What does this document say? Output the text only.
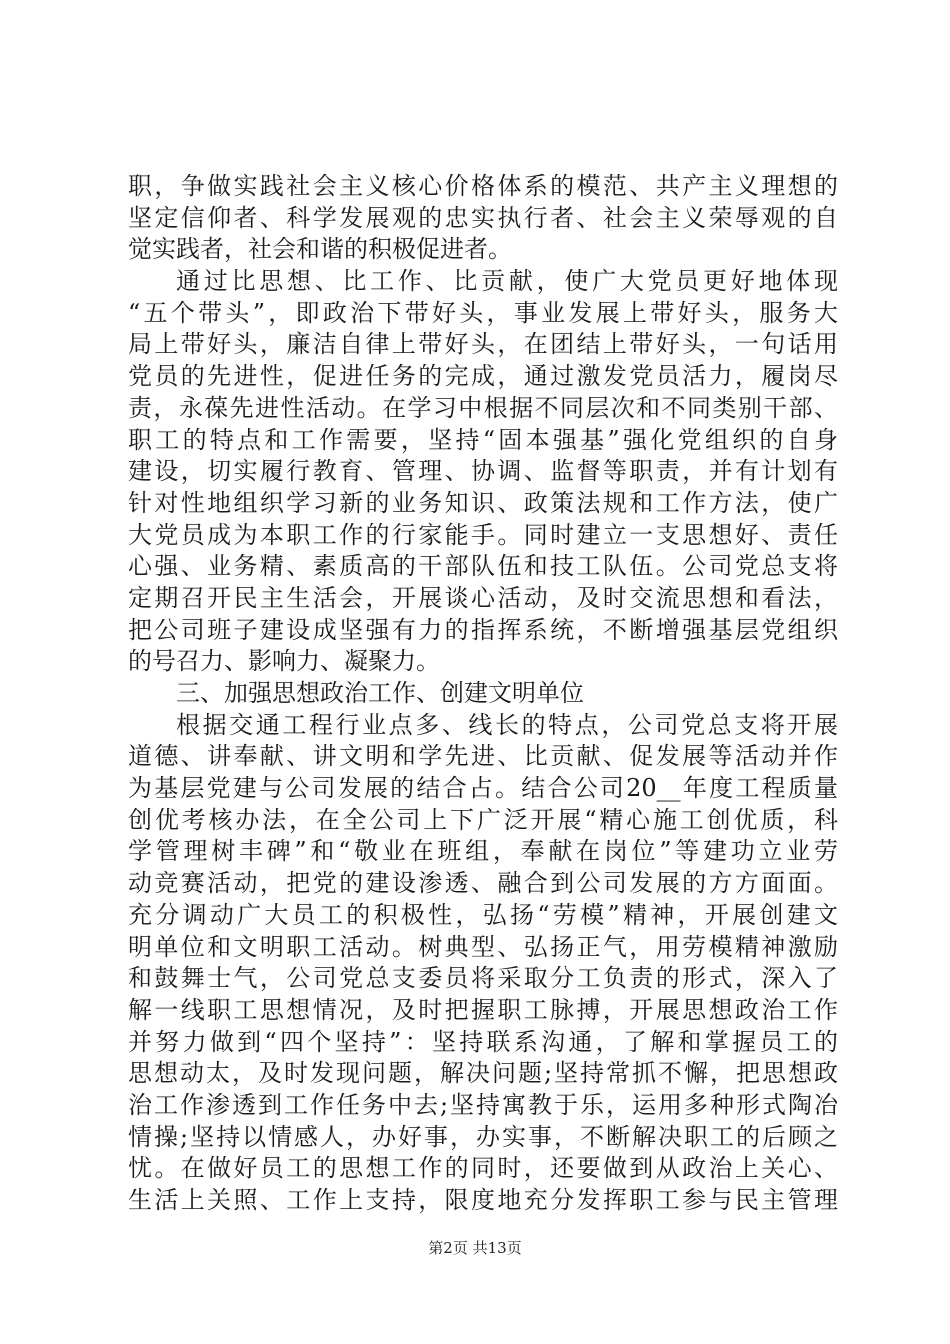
职，争做实践社会主义核心价格体系的模范、共产主义理想的
坚定信仰者、科学发展观的忠实执行者、社会主义荣辱观的自
觉实践者，社会和谐的积极促进者。
通过比思想、比工作、比贡献，使广大党员更好地体现
“五个带头”，即政治下带好头，事业发展上带好头，服务大
局上带好头，廉洁自律上带好头，在团结上带好头，一句话用
党员的先进性，促进任务的完成，通过激发党员活力，履岗尽
责，永葆先进性活动。在学习中根据不同层次和不同类别干部、
职工的特点和工作需要，坚持“固本强基”强化党组织的自身
建设，切实履行教育、管理、协调、监督等职责，并有计划有
针对性地组织学习新的业务知识、政策法规和工作方法，使广
大党员成为本职工作的行家能手。同时建立一支思想好、责任
心强、业务精、素质高的干部队伍和技工队伍。公司党总支将
定期召开民主生活会，开展谈心活动，及时交流思想和看法，
把公司班子建设成坚强有力的指挥系统，不断增强基层党组织
的号召力、影响力、凝聚力。
三、加强思想政治工作、创建文明单位
根据交通工程行业点多、线长的特点，公司党总支将开展
道德、讲奉献、讲文明和学先进、比贡献、促发展等活动并作
为基层党建与公司发展的结合占。结合公司20__年度工程质量
创优考核办法，在全公司上下广泛开展“精心施工创优质，科
学管理树丰碑”和“敬业在班组，奉献在岗位”等建功立业劳
动竞赛活动，把党的建设渗透、融合到公司发展的方方面面。
充分调动广大员工的积极性，弘扬“劳模”精神，开展创建文
明单位和文明职工活动。树典型、弘扬正气，用劳模精神激励
和鼓舞士气，公司党总支委员将采取分工负责的形式，深入了
解一线职工思想情况，及时把握职工脉搏，开展思想政治工作
并努力做到“四个坚持”：坚持联系沟通，了解和掌握员工的
思想动太，及时发现问题，解决问题;坚持常抓不懈，把思想政
治工作渗透到工作任务中去;坚持寓教于乐，运用多种形式陶冶
情操;坚持以情感人，办好事，办实事，不断解决职工的后顾之
忧。在做好员工的思想工作的同时，还要做到从政治上关心、
生活上关照、工作上支持，限度地充分发挥职工参与民主管理
第2页 共13页
